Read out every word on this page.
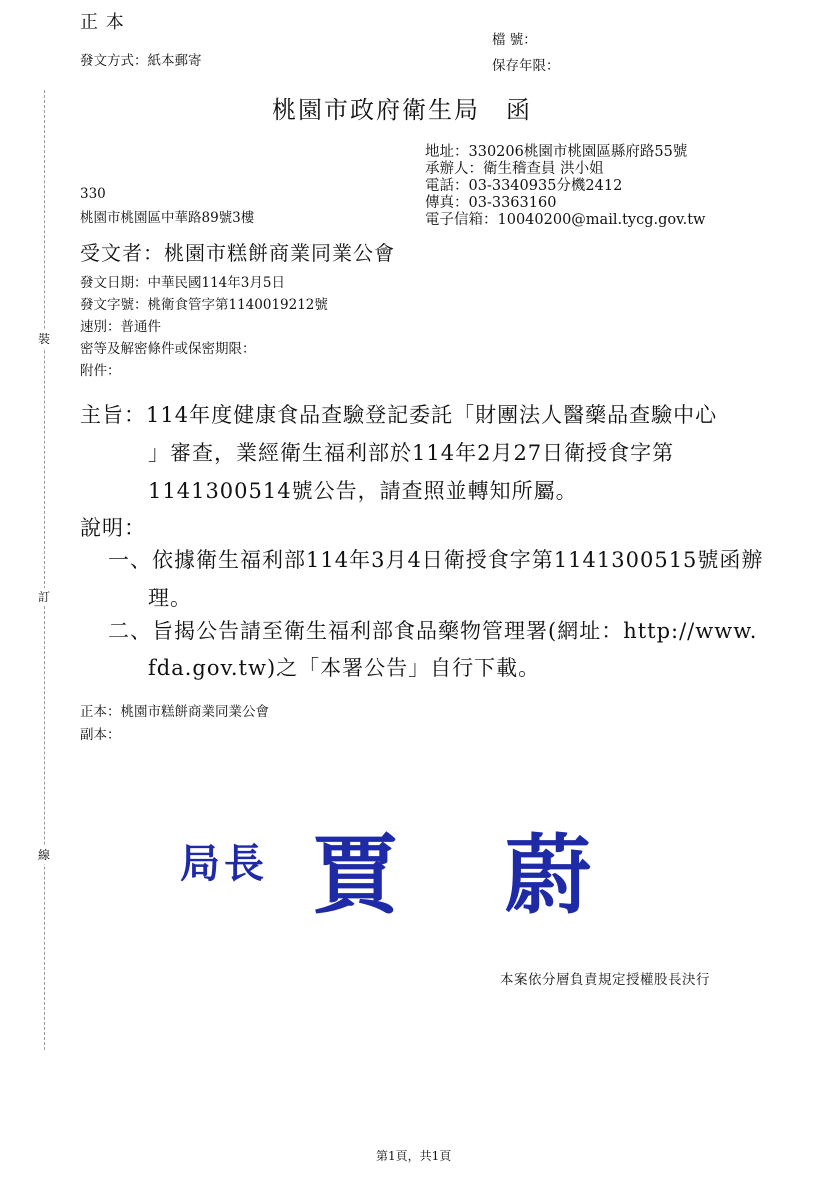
裝
訂
線
正 本
檔 號：
保存年限：
發文方式：紙本郵寄
桃園市政府衛生局　函
地址：330206桃園市桃園區縣府路55號
承辦人：衛生稽查員 洪小姐
電話：03-3340935分機2412
傳真：03-3363160
電子信箱：10040200@mail.tycg.gov.tw
330
桃園市桃園區中華路89號3樓
受文者：桃園市糕餅商業同業公會
發文日期：中華民國114年3月5日
發文字號：桃衛食管字第1140019212號
速別：普通件
密等及解密條件或保密期限：
附件：
主旨：114年度健康食品查驗登記委託「財團法人醫藥品查驗中心
」審查，業經衛生福利部於114年2月27日衛授食字第
1141300514號公告，請查照並轉知所屬。
說明：
一、依據衛生福利部114年3月4日衛授食字第1141300515號函辦
理。
二、旨揭公告請至衛生福利部食品藥物管理署(網址：http://www.
fda.gov.tw)之「本署公告」自行下載。
正本：桃園市糕餅商業同業公會
副本：
局長 賈 蔚
本案依分層負責規定授權股長決行
第1頁，共1頁
